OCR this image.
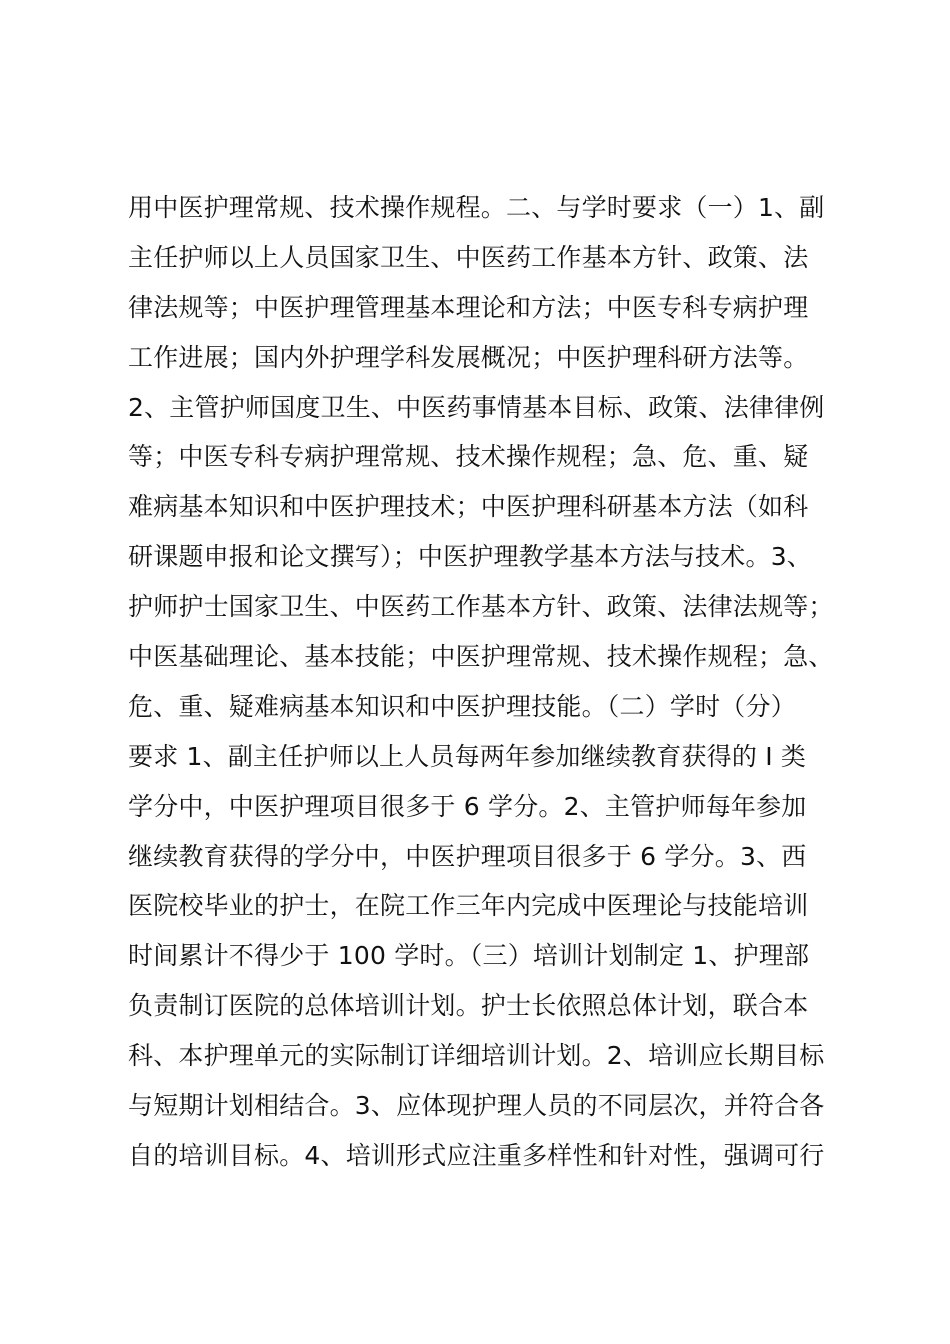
用中医护理常规、技术操作规程。二、与学时要求（一）1、副
主任护师以上人员国家卫生、中医药工作基本方针、政策、法
律法规等；中医护理管理基本理论和方法；中医专科专病护理
工作进展；国内外护理学科发展概况；中医护理科研方法等。
2、主管护师国度卫生、中医药事情基本目标、政策、法律律例
等；中医专科专病护理常规、技术操作规程；急、危、重、疑
难病基本知识和中医护理技术；中医护理科研基本方法（如科
研课题申报和论文撰写）；中医护理教学基本方法与技术。3、
护师护士国家卫生、中医药工作基本方针、政策、法律法规等；
中医基础理论、基本技能；中医护理常规、技术操作规程；急、
危、重、疑难病基本知识和中医护理技能。（二）学时（分）
要求 1、副主任护师以上人员每两年参加继续教育获得的 I 类
学分中，中医护理项目很多于 6 学分。2、主管护师每年参加
继续教育获得的学分中，中医护理项目很多于 6 学分。3、西
医院校毕业的护士，在院工作三年内完成中医理论与技能培训
时间累计不得少于 100 学时。（三）培训计划制定 1、护理部
负责制订医院的总体培训计划。护士长依照总体计划，联合本
科、本护理单元的实际制订详细培训计划。2、培训应长期目标
与短期计划相结合。3、应体现护理人员的不同层次，并符合各
自的培训目标。4、培训形式应注重多样性和针对性，强调可行
